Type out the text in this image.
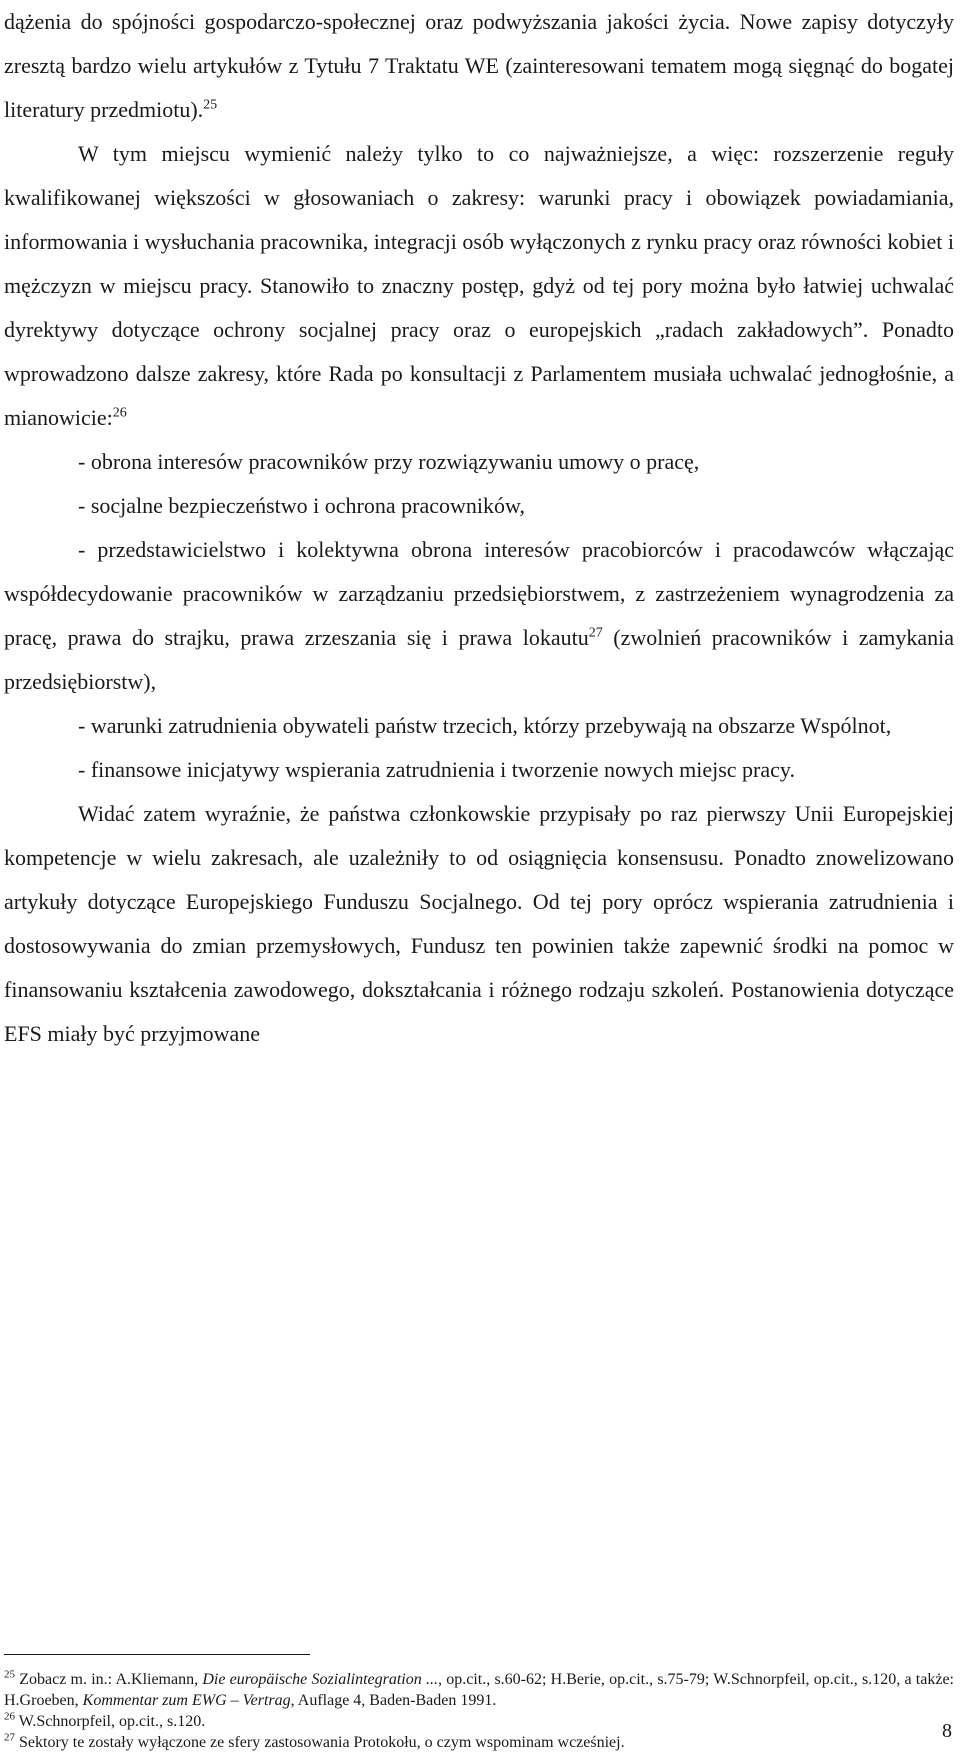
dążenia do spójności gospodarczo-społecznej oraz podwyższania jakości życia. Nowe zapisy dotyczyły zresztą bardzo wielu artykułów z Tytułu 7 Traktatu WE (zainteresowani tematem mogą sięgnąć do bogatej literatury przedmiotu).$^{25}$

W tym miejscu wymienić należy tylko to co najważniejsze, a więc: rozszerzenie reguły kwalifikowanej większości w głosowaniach o zakresy: warunki pracy i obowiązek powiadamiania, informowania i wysłuchania pracownika, integracji osób wyłączonych z rynku pracy oraz równości kobiet i mężczyzn w miejscu pracy. Stanowiło to znaczny postęp, gdyż od tej pory można było łatwiej uchwalać dyrektywy dotyczące ochrony socjalnej pracy oraz o europejskich „radach zakładowych”. Ponadto wprowadzono dalsze zakresy, które Rada po konsultacji z Parlamentem musiała uchwalać jednogłośnie, a mianowicie:$^{26}$

- obrona interesów pracowników przy rozwiązywaniu umowy o pracę,

- socjalne bezpieczeństwo i ochrona pracowników,

- przedstawicielstwo i kolektywna obrona interesów pracobiorców i pracodawców włączając współdecydowanie pracowników w zarządzaniu przedsiębiorstwem, z zastrzeżeniem wynagrodzenia za pracę, prawa do strajku, prawa zrzeszania się i prawa lokautu$^{27}$ (zwolnień pracowników i zamykania przedsiębiorstw),

- warunki zatrudnienia obywateli państw trzecich, którzy przebywają na obszarze Wspólnot,

- finansowe inicjatywy wspierania zatrudnienia i tworzenie nowych miejsc pracy.

Widać zatem wyraźnie, że państwa członkowskie przypisały po raz pierwszy Unii Europejskiej kompetencje w wielu zakresach, ale uzależniły to od osiągnięcia konsensusu. Ponadto znowelizowano artykuły dotyczące Europejskiego Funduszu Socjalnego. Od tej pory oprócz wspierania zatrudnienia i dostosowywania do zmian przemysłowych, Fundusz ten powinien także zapewnić środki na pomoc w finansowaniu kształcenia zawodowego, dokształcania i różnego rodzaju szkoleń. Postanowienia dotyczące EFS miały być przyjmowane

$^{25}$ Zobacz m. in.: A.Kliemann, Die europäische Sozialintegration ..., op.cit., s.60-62; H.Berie, op.cit., s.75-79; W.Schnorpfeil, op.cit., s.120, a także: H.Groeben, Kommentar zum EWG – Vertrag, Auflage 4, Baden-Baden 1991.

$^{26}$ W.Schnorpfeil, op.cit., s.120.

$^{27}$ Sektory te zostały wyłączone ze sfery zastosowania Protokołu, o czym wspominam wcześniej.

8
